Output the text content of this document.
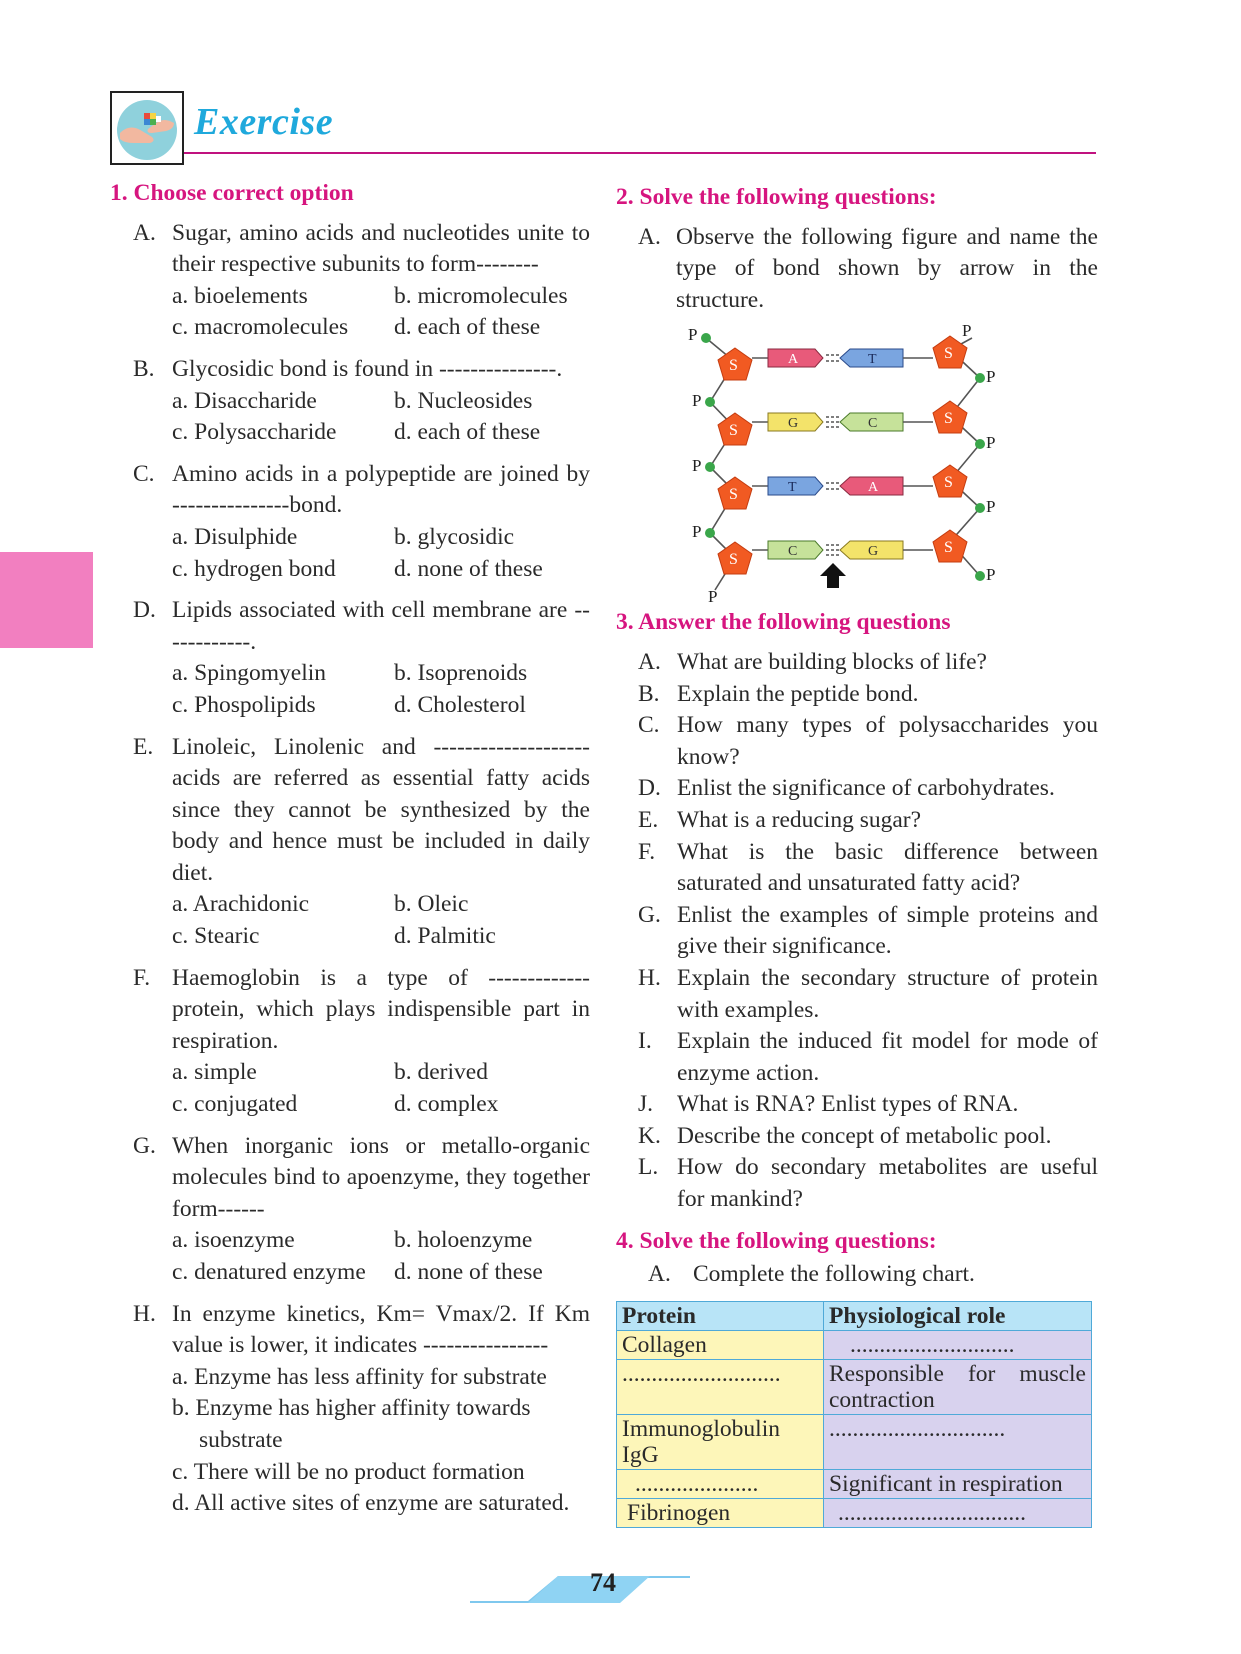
Exercise
1. Choose correct option
A. Sugar, amino acids and nucleotides unite to their respective subunits to form--------
a. bioelements	b. micromolecules
c. macromolecules	d. each of these
B. Glycosidic bond is found in ---------------.
a. Disaccharide	b. Nucleosides
c. Polysaccharide	d. each of these
C. Amino acids in a polypeptide are joined by ---------------bond.
a. Disulphide	b. glycosidic
c. hydrogen bond	d. none of these
D. Lipids associated with cell membrane are ------------.
a. Spingomyelin	b. Isoprenoids
c. Phospolipids	d. Cholesterol
E. Linoleic, Linolenic and -------------------- acids are referred as essential fatty acids since they cannot be synthesized by the body and hence must be included in daily diet.
a. Arachidonic	b. Oleic
c. Stearic	d. Palmitic
F. Haemoglobin is a type of ------------- protein, which plays indispensible part in respiration.
a. simple	b. derived
c. conjugated	d. complex
G. When inorganic ions or metallo-organic molecules bind to apoenzyme, they together form------
a. isoenzyme	b. holoenzyme
c. denatured enzyme	d. none of these
H. In enzyme kinetics, Km= Vmax/2. If Km value is lower, it indicates ----------------
a. Enzyme has less affinity for substrate
b. Enzyme has higher affinity towards
substrate
c. There will be no product formation
d. All active sites of enzyme are saturated.
2. Solve the following questions:
A. Observe the following figure and name the type of bond shown by arrow in the structure.
P
P
P
P
P
P
P
P
P
P
S
S
A	T
S
S
G	C
S
S
T	A
S
S
C	G
3. Answer the following questions
A. What are building blocks of life?
B. Explain the peptide bond.
C. How many types of polysaccharides you know?
D. Enlist the significance of carbohydrates.
E. What is a reducing sugar?
F. What is the basic difference between saturated and unsaturated fatty acid?
G. Enlist the examples of simple proteins and give their significance.
H. Explain the secondary structure of protein with examples.
I. Explain the induced fit model for mode of enzyme action.
J. What is RNA? Enlist types of RNA.
K. Describe the concept of metabolic pool.
L. How do secondary metabolites are useful for mankind?
4. Solve the following questions:
A. Complete the following chart.
Protein	Physiological role
Collagen	............................
...........................	Responsible for muscle contraction
Immunoglobulin IgG	..............................
.....................	Significant in respiration
Fibrinogen	................................
74
